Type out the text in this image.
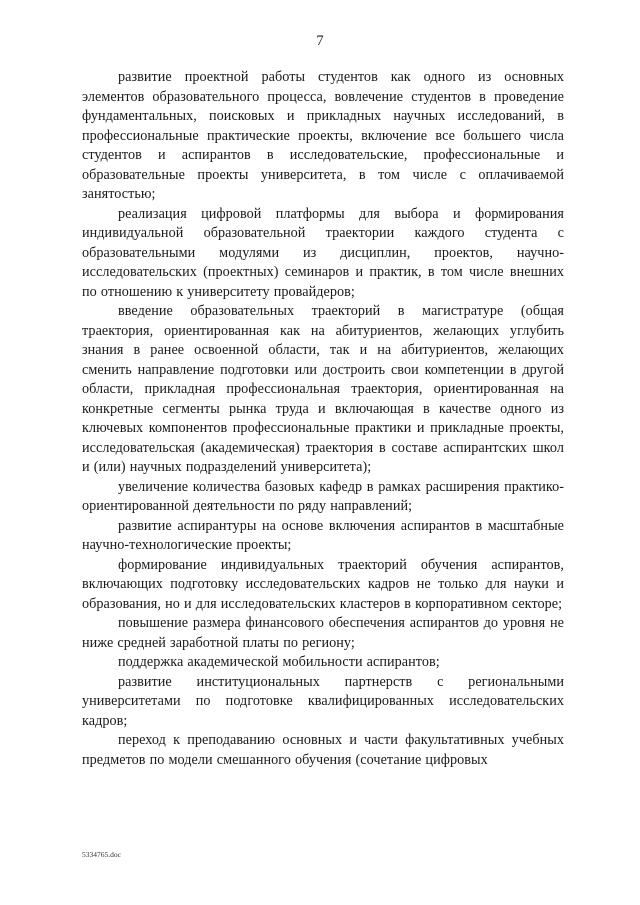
7

развитие проектной работы студентов как одного из основных элементов образовательного процесса, вовлечение студентов в проведение фундаментальных, поисковых и прикладных научных исследований, в профессиональные практические проекты, включение все большего числа студентов и аспирантов в исследовательские, профессиональные и образовательные проекты университета, в том числе с оплачиваемой занятостью;

реализация цифровой платформы для выбора и формирования индивидуальной образовательной траектории каждого студента с образовательными модулями из дисциплин, проектов, научно-исследовательских (проектных) семинаров и практик, в том числе внешних по отношению к университету провайдеров;

введение образовательных траекторий в магистратуре (общая траектория, ориентированная как на абитуриентов, желающих углубить знания в ранее освоенной области, так и на абитуриентов, желающих сменить направление подготовки или достроить свои компетенции в другой области, прикладная профессиональная траектория, ориентированная на конкретные сегменты рынка труда и включающая в качестве одного из ключевых компонентов профессиональные практики и прикладные проекты, исследовательская (академическая) траектория в составе аспирантских школ и (или) научных подразделений университета);

увеличение количества базовых кафедр в рамках расширения практико-ориентированной деятельности по ряду направлений;

развитие аспирантуры на основе включения аспирантов в масштабные научно-технологические проекты;

формирование индивидуальных траекторий обучения аспирантов, включающих подготовку исследовательских кадров не только для науки и образования, но и для исследовательских кластеров в корпоративном секторе;

повышение размера финансового обеспечения аспирантов до уровня не ниже средней заработной платы по региону;

поддержка академической мобильности аспирантов;

развитие институциональных партнерств с региональными университетами по подготовке квалифицированных исследовательских кадров;

переход к преподаванию основных и части факультативных учебных предметов по модели смешанного обучения (сочетание цифровых

5334765.doc
